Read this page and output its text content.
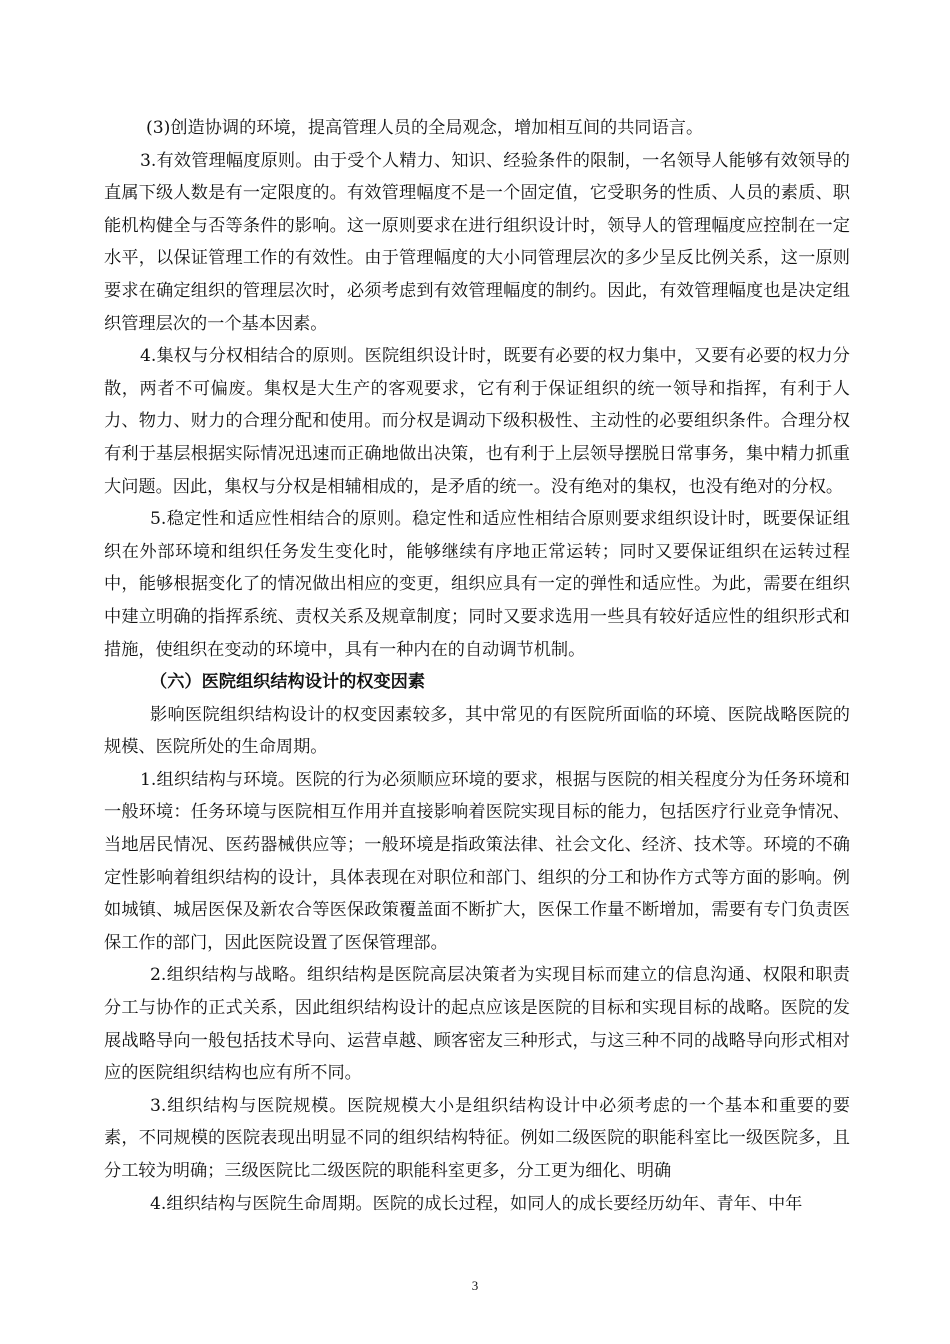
(3)创造协调的环境，提高管理人员的全局观念，增加相互间的共同语言。

3.有效管理幅度原则。由于受个人精力、知识、经验条件的限制，一名领导人能够有效领导的直属下级人数是有一定限度的。有效管理幅度不是一个固定值，它受职务的性质、人员的素质、职能机构健全与否等条件的影响。这一原则要求在进行组织设计时，领导人的管理幅度应控制在一定水平，以保证管理工作的有效性。由于管理幅度的大小同管理层次的多少呈反比例关系，这一原则要求在确定组织的管理层次时，必须考虑到有效管理幅度的制约。因此，有效管理幅度也是决定组织管理层次的一个基本因素。

4.集权与分权相结合的原则。医院组织设计时，既要有必要的权力集中，又要有必要的权力分散，两者不可偏废。集权是大生产的客观要求，它有利于保证组织的统一领导和指挥，有利于人力、物力、财力的合理分配和使用。而分权是调动下级积极性、主动性的必要组织条件。合理分权有利于基层根据实际情况迅速而正确地做出决策，也有利于上层领导摆脱日常事务，集中精力抓重大问题。因此，集权与分权是相辅相成的，是矛盾的统一。没有绝对的集权，也没有绝对的分权。

5.稳定性和适应性相结合的原则。稳定性和适应性相结合原则要求组织设计时，既要保证组织在外部环境和组织任务发生变化时，能够继续有序地正常运转；同时又要保证组织在运转过程中，能够根据变化了的情况做出相应的变更，组织应具有一定的弹性和适应性。为此，需要在组织中建立明确的指挥系统、责权关系及规章制度；同时又要求选用一些具有较好适应性的组织形式和措施，使组织在变动的环境中，具有一种内在的自动调节机制。

（六）医院组织结构设计的权变因素

影响医院组织结构设计的权变因素较多，其中常见的有医院所面临的环境、医院战略医院的规模、医院所处的生命周期。

1.组织结构与环境。医院的行为必须顺应环境的要求，根据与医院的相关程度分为任务环境和一般环境：任务环境与医院相互作用并直接影响着医院实现目标的能力，包括医疗行业竞争情况、当地居民情况、医药器械供应等；一般环境是指政策法律、社会文化、经济、技术等。环境的不确定性影响着组织结构的设计，具体表现在对职位和部门、组织的分工和协作方式等方面的影响。例如城镇、城居医保及新农合等医保政策覆盖面不断扩大，医保工作量不断增加，需要有专门负责医保工作的部门，因此医院设置了医保管理部。

2.组织结构与战略。组织结构是医院高层决策者为实现目标而建立的信息沟通、权限和职责分工与协作的正式关系，因此组织结构设计的起点应该是医院的目标和实现目标的战略。医院的发展战略导向一般包括技术导向、运营卓越、顾客密友三种形式，与这三种不同的战略导向形式相对应的医院组织结构也应有所不同。

3.组织结构与医院规模。医院规模大小是组织结构设计中必须考虑的一个基本和重要的要素，不同规模的医院表现出明显不同的组织结构特征。例如二级医院的职能科室比一级医院多，且分工较为明确；三级医院比二级医院的职能科室更多，分工更为细化、明确

4.组织结构与医院生命周期。医院的成长过程，如同人的成长要经历幼年、青年、中年

3
